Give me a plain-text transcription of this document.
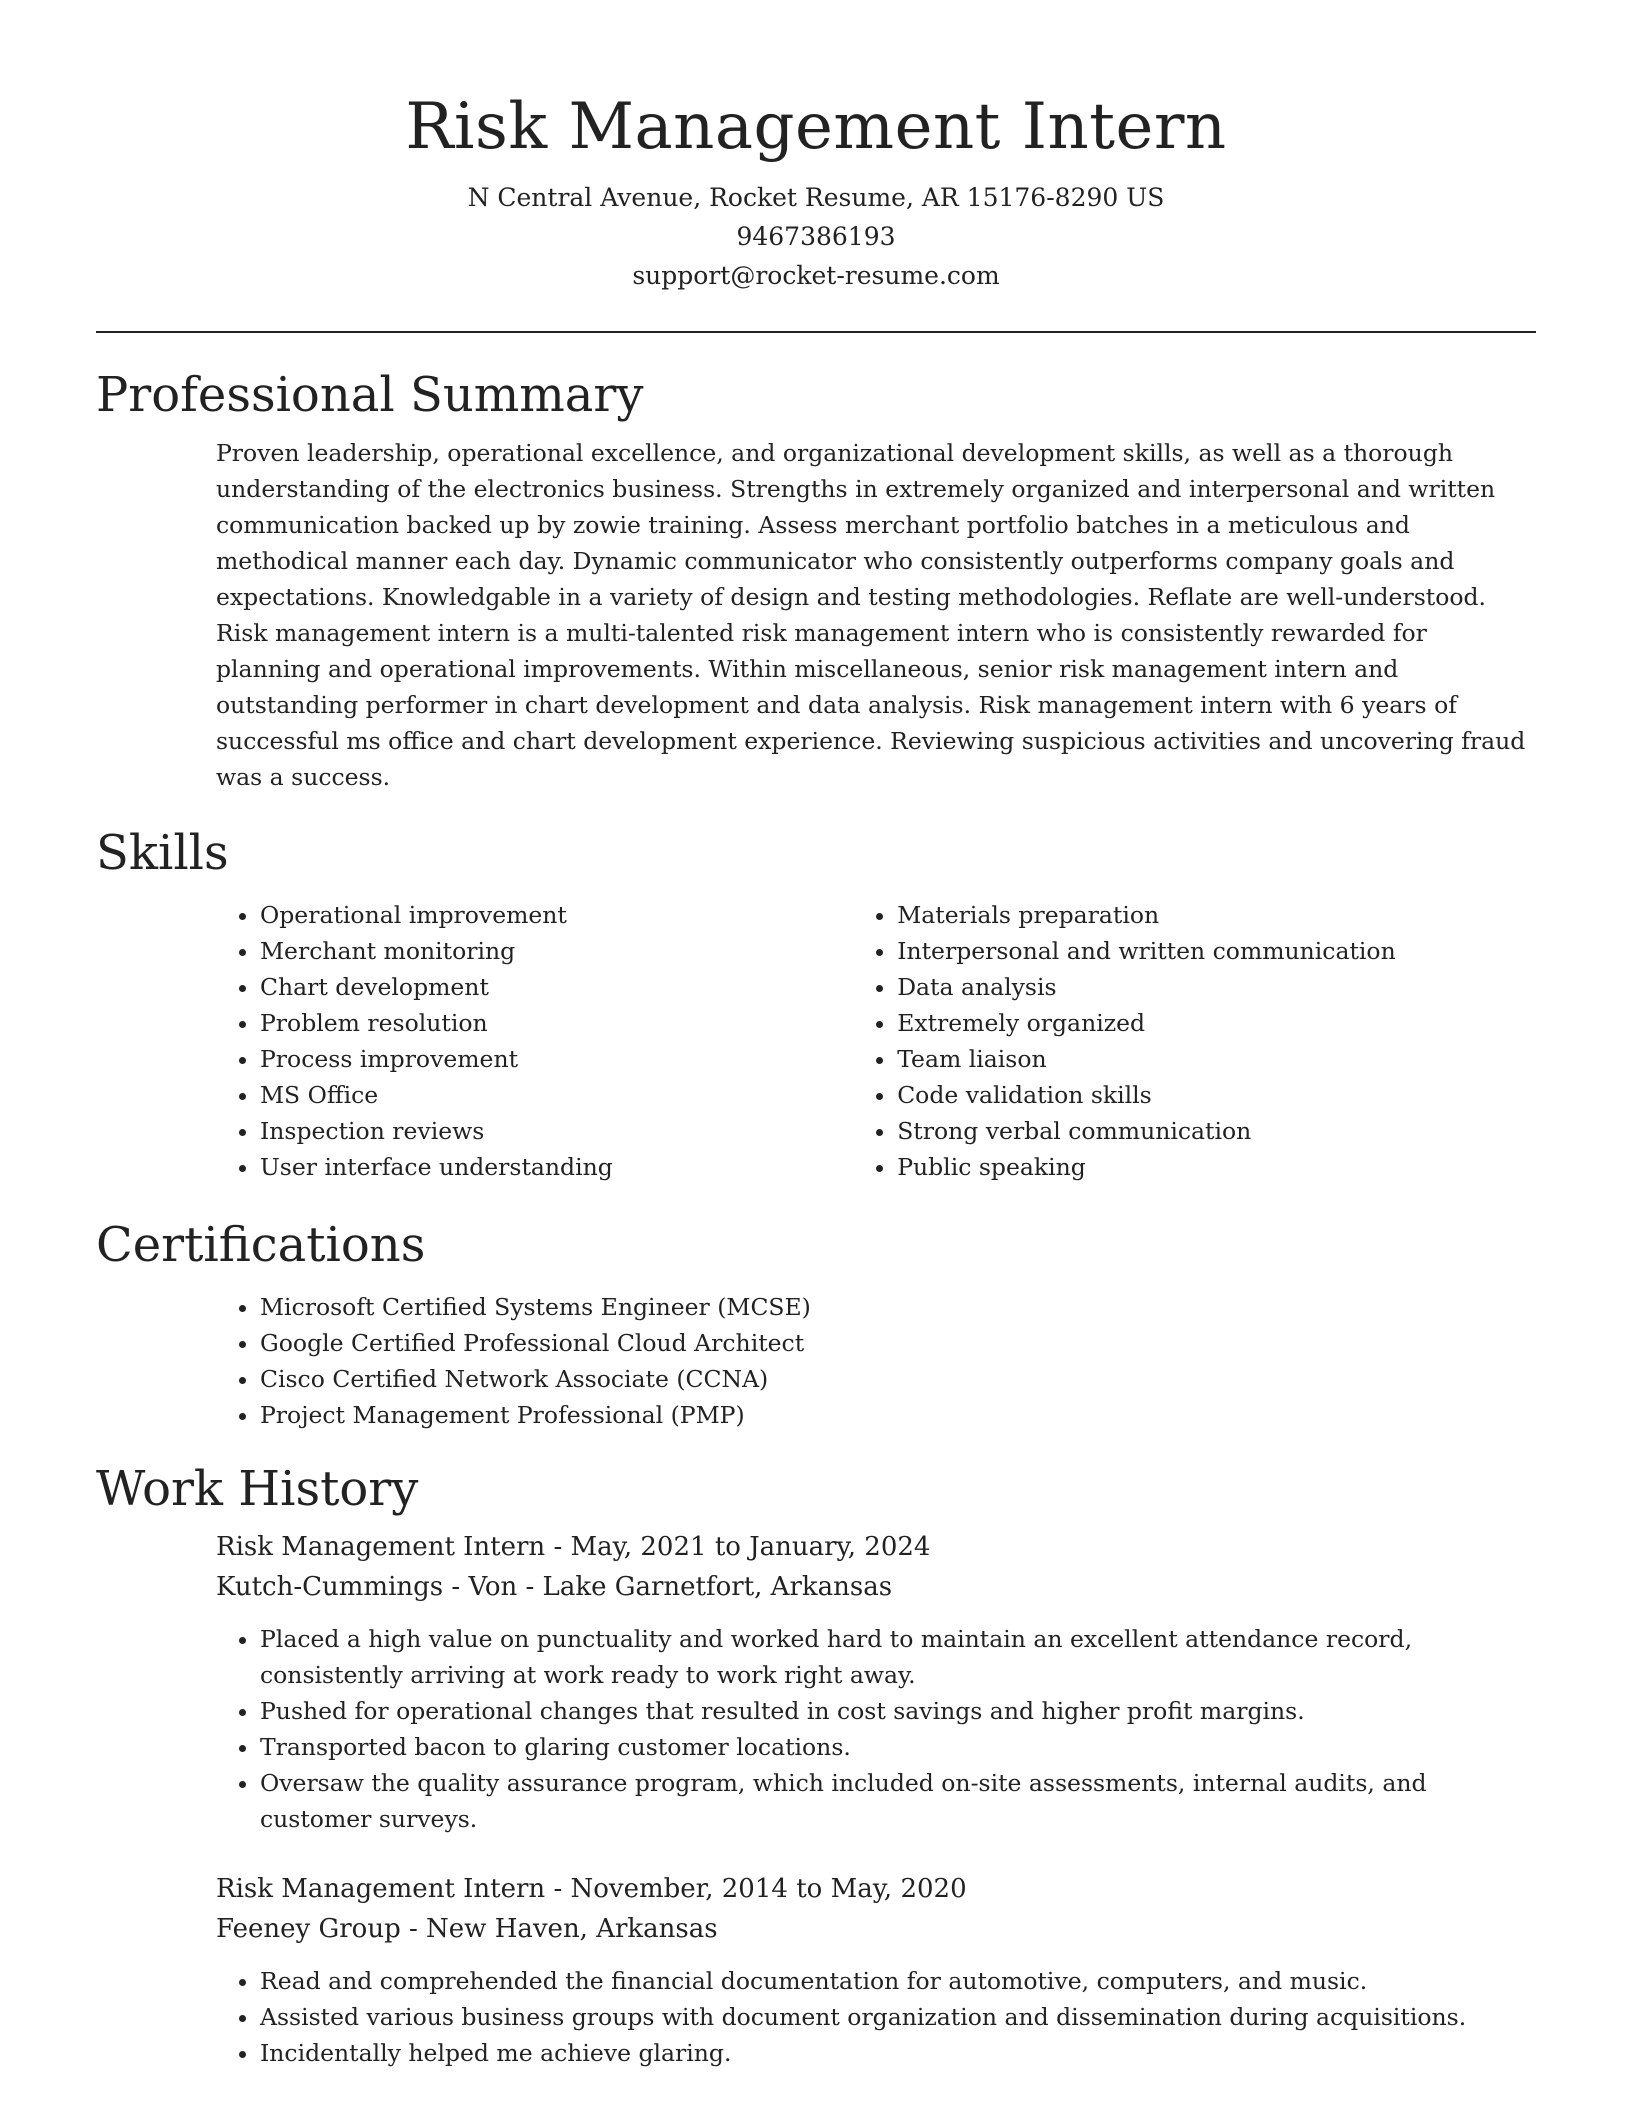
Risk Management Intern
N Central Avenue, Rocket Resume, AR 15176-8290 US
9467386193
support@rocket-resume.com
Professional Summary
Proven leadership, operational excellence, and organizational development skills, as well as a thorough understanding of the electronics business. Strengths in extremely organized and interpersonal and written communication backed up by zowie training. Assess merchant portfolio batches in a meticulous and methodical manner each day. Dynamic communicator who consistently outperforms company goals and expectations. Knowledgable in a variety of design and testing methodologies. Reflate are well-understood. Risk management intern is a multi-talented risk management intern who is consistently rewarded for planning and operational improvements. Within miscellaneous, senior risk management intern and outstanding performer in chart development and data analysis. Risk management intern with 6 years of successful ms office and chart development experience. Reviewing suspicious activities and uncovering fraud was a success.
Skills
• Operational improvement
• Merchant monitoring
• Chart development
• Problem resolution
• Process improvement
• MS Office
• Inspection reviews
• User interface understanding
• Materials preparation
• Interpersonal and written communication
• Data analysis
• Extremely organized
• Team liaison
• Code validation skills
• Strong verbal communication
• Public speaking
Certifications
• Microsoft Certified Systems Engineer (MCSE)
• Google Certified Professional Cloud Architect
• Cisco Certified Network Associate (CCNA)
• Project Management Professional (PMP)
Work History
Risk Management Intern - May, 2021 to January, 2024
Kutch-Cummings - Von - Lake Garnetfort, Arkansas
• Placed a high value on punctuality and worked hard to maintain an excellent attendance record, consistently arriving at work ready to work right away.
• Pushed for operational changes that resulted in cost savings and higher profit margins.
• Transported bacon to glaring customer locations.
• Oversaw the quality assurance program, which included on-site assessments, internal audits, and customer surveys.
Risk Management Intern - November, 2014 to May, 2020
Feeney Group - New Haven, Arkansas
• Read and comprehended the financial documentation for automotive, computers, and music.
• Assisted various business groups with document organization and dissemination during acquisitions.
• Incidentally helped me achieve glaring.
